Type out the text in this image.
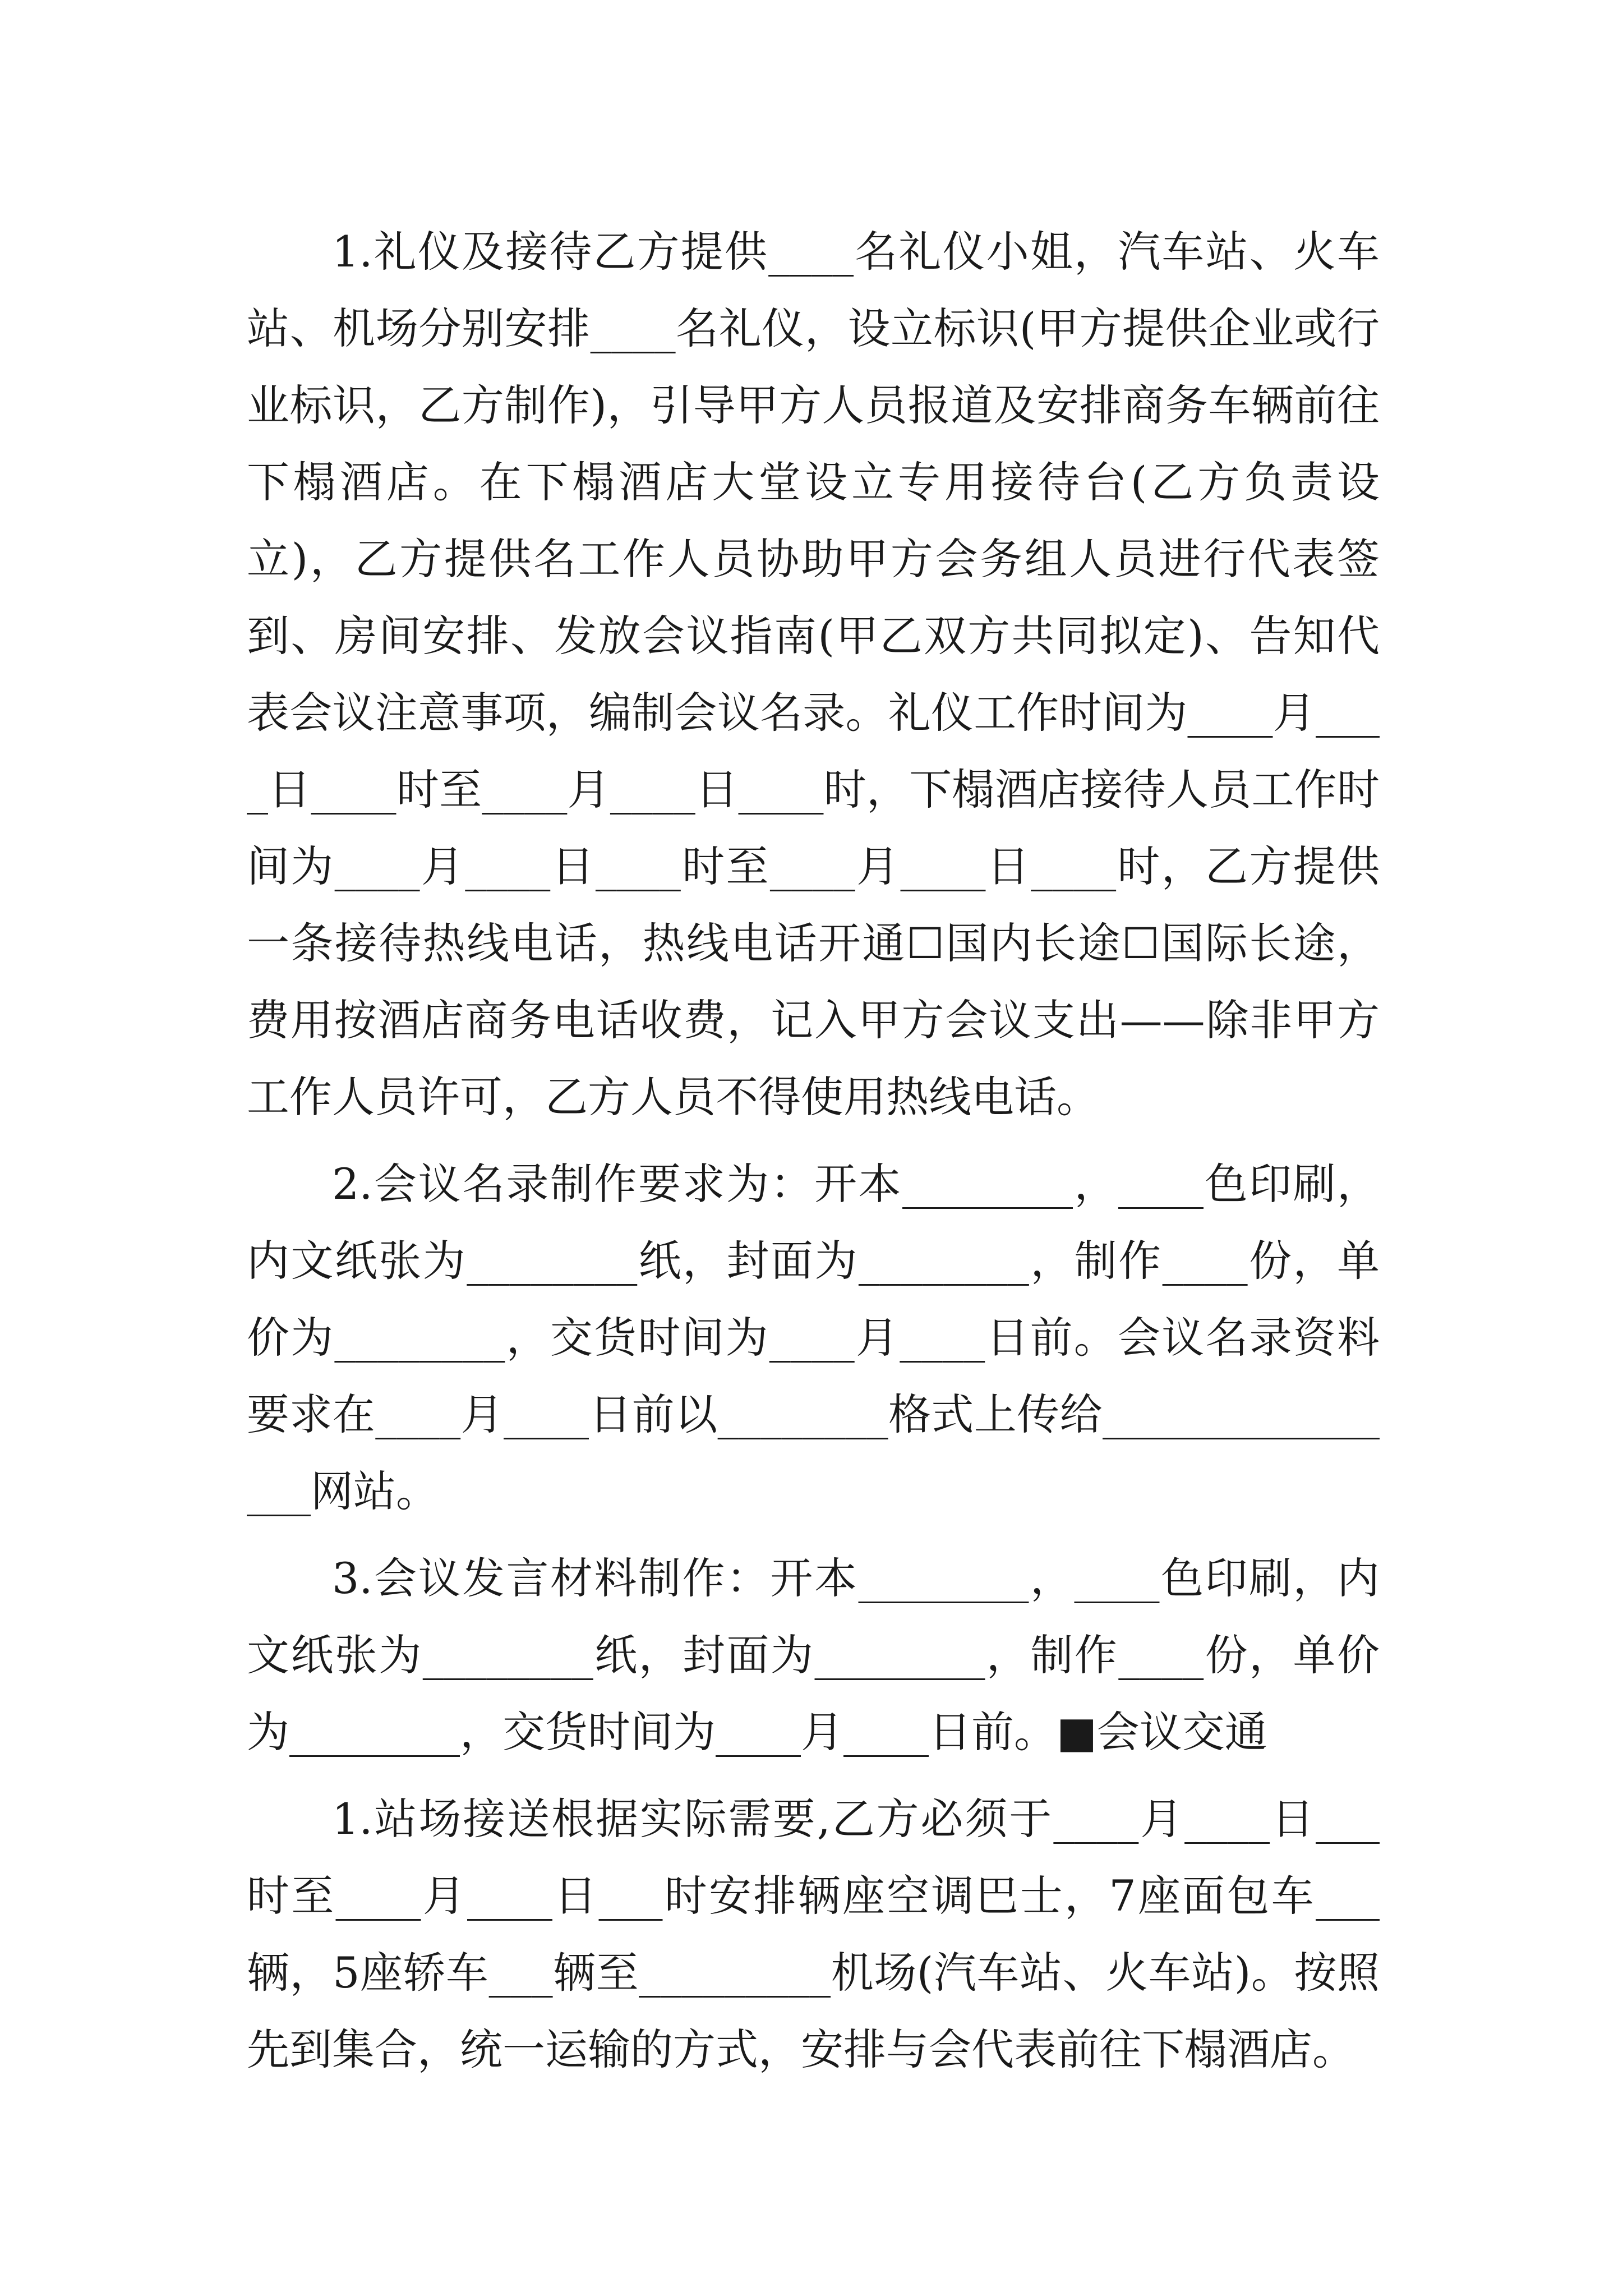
1.礼仪及接待乙方提供____名礼仪小姐，汽车站、火车站、机场分别安排____名礼仪，设立标识(甲方提供企业或行业标识，乙方制作)，引导甲方人员报道及安排商务车辆前往下榻酒店。在下榻酒店大堂设立专用接待台(乙方负责设立)，乙方提供名工作人员协助甲方会务组人员进行代表签到、房间安排、发放会议指南(甲乙双方共同拟定)、告知代表会议注意事项，编制会议名录。礼仪工作时间为____月____日____时至____月____日____时，下榻酒店接待人员工作时间为____月____日____时至____月____日____时，乙方提供一条接待热线电话，热线电话开通☐国内长途☐国际长途，费用按酒店商务电话收费，记入甲方会议支出——除非甲方工作人员许可，乙方人员不得使用热线电话。

2.会议名录制作要求为：开本________，____色印刷，内文纸张为________纸，封面为________，制作____份，单价为________，交货时间为____月____日前。会议名录资料要求在____月____日前以________格式上传给________________网站。

3.会议发言材料制作：开本________，____色印刷，内文纸张为________纸，封面为________，制作____份，单价为________，交货时间为____月____日前。■会议交通

1.站场接送根据实际需要,乙方必须于____月____日___时至____月____日___时安排辆座空调巴士，7座面包车___辆，5座轿车___辆至_________机场(汽车站、火车站)。按照先到集合，统一运输的方式，安排与会代表前往下榻酒店。
